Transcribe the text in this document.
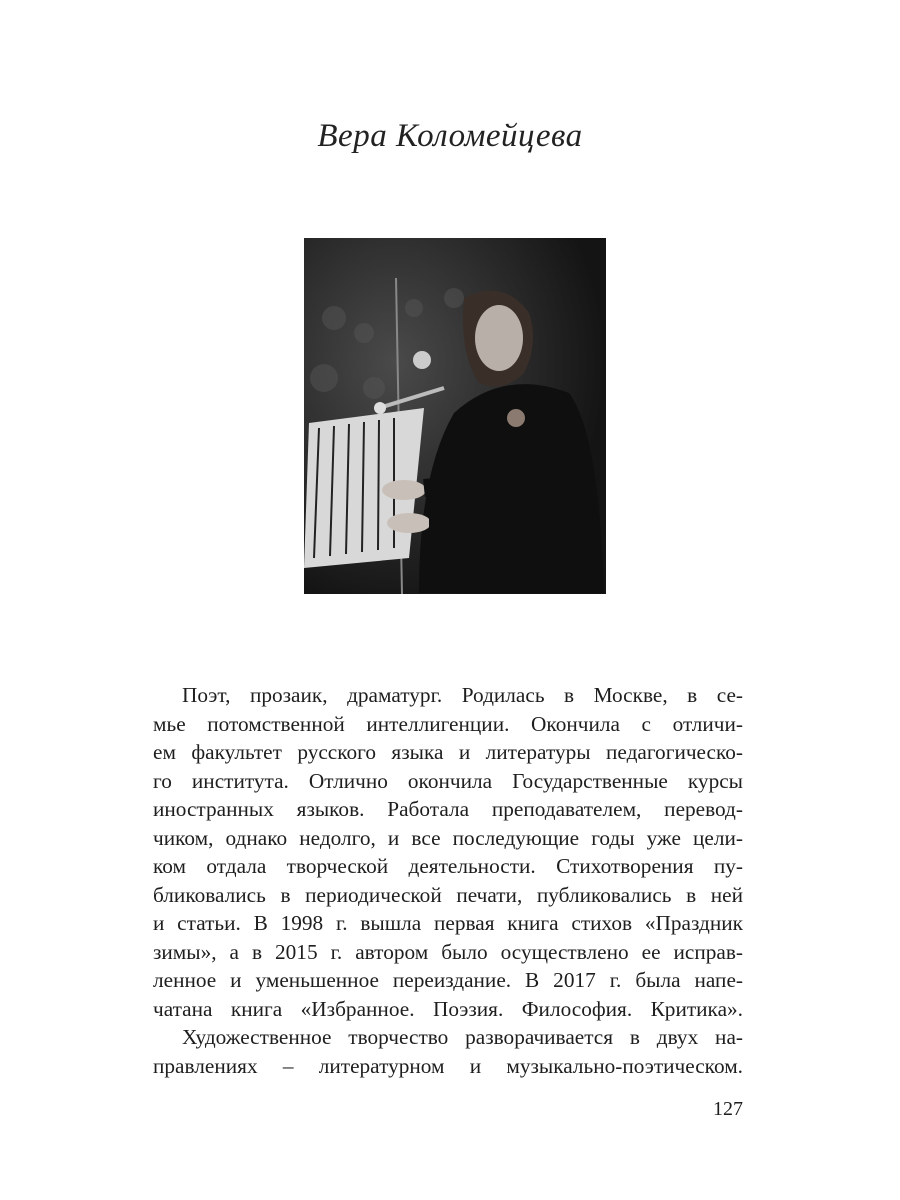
Вера Коломейцева
Поэт, прозаик, драматург. Родилась в Москве, в се-
мье потомственной интеллигенции. Окончила с отличи-
ем факультет русского языка и литературы педагогическо-
го института. Отлично окончила Государственные курсы
иностранных языков. Работала преподавателем, перевод-
чиком, однако недолго, и все последующие годы уже цели-
ком отдала творческой деятельности. Стихотворения пу-
бликовались в периодической печати, публиковались в ней
и статьи. В 1998 г. вышла первая книга стихов «Праздник
зимы», а в 2015 г. автором было осуществлено ее исправ-
ленное и уменьшенное переиздание. В 2017 г. была напе-
чатана книга «Избранное. Поэзия. Философия. Критика».
Художественное творчество разворачивается в двух на-
правлениях – литературном и музыкально-поэтическом.
127
